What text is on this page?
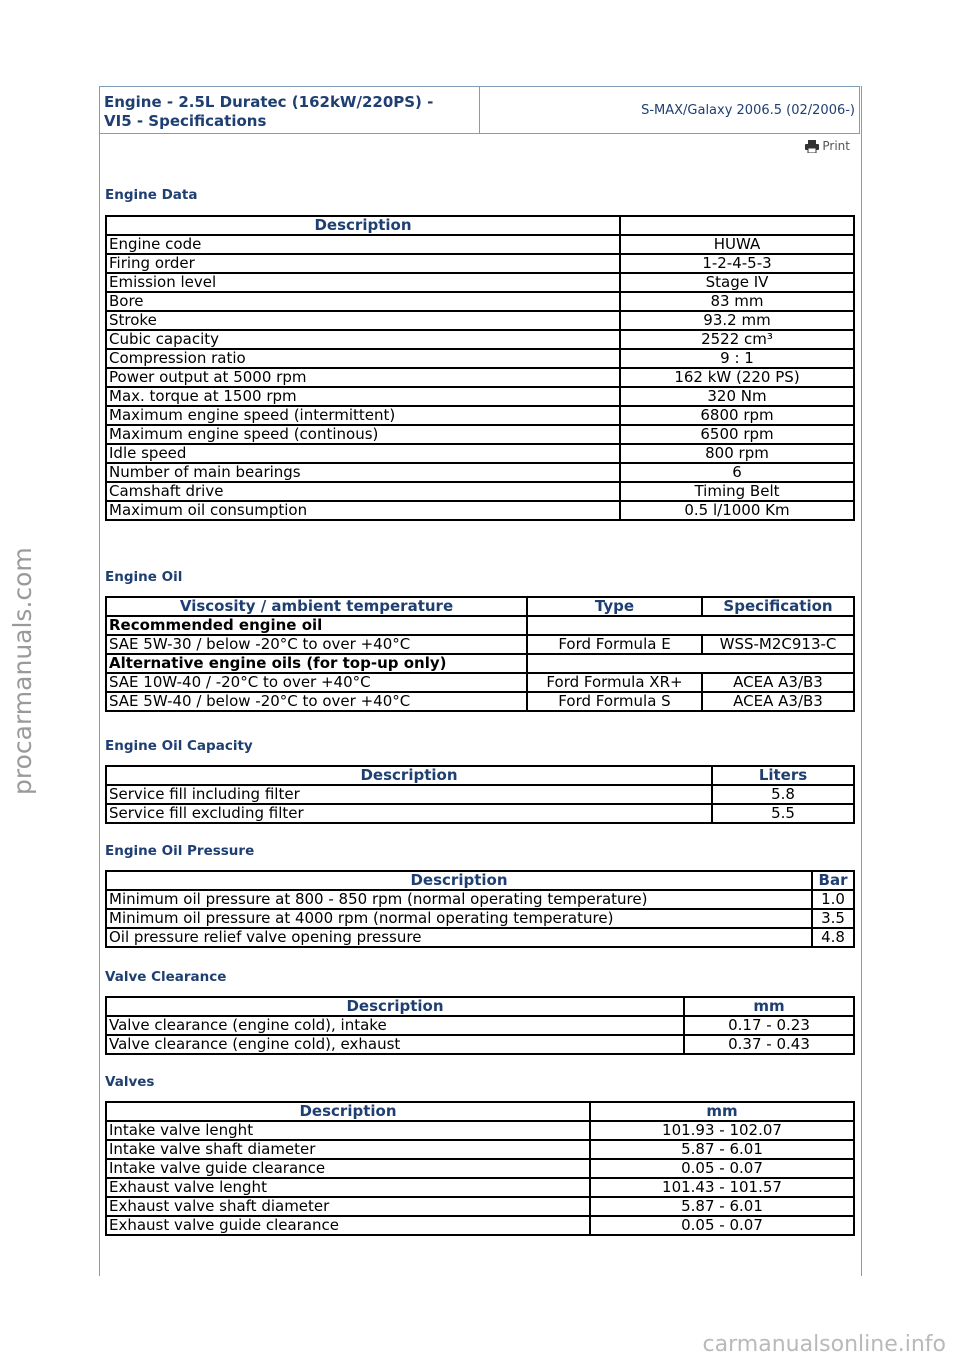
Engine - 2.5L Duratec (162kW/220PS) -
VI5 - Specifications
S-MAX/Galaxy 2006.5 (02/2006-)
Print
Engine Data
Description	
Engine code	HUWA
Firing order	1-2-4-5-3
Emission level	Stage IV
Bore	83 mm
Stroke	93.2 mm
Cubic capacity	2522 cm³
Compression ratio	9 : 1
Power output at 5000 rpm	162 kW (220 PS)
Max. torque at 1500 rpm	320 Nm
Maximum engine speed (intermittent)	6800 rpm
Maximum engine speed (continous)	6500 rpm
Idle speed	800 rpm
Number of main bearings	6
Camshaft drive	Timing Belt
Maximum oil consumption	0.5 l/1000 Km
Engine Oil
Viscosity / ambient temperature	Type	Specification
Recommended engine oil		
SAE 5W-30 / below -20°C to over +40°C	Ford Formula E	WSS-M2C913-C
Alternative engine oils (for top-up only)		
SAE 10W-40 / -20°C to over +40°C	Ford Formula XR+	ACEA A3/B3
SAE 5W-40 / below -20°C to over +40°C	Ford Formula S	ACEA A3/B3
Engine Oil Capacity
Description	Liters
Service fill including filter	5.8
Service fill excluding filter	5.5
Engine Oil Pressure
Description	Bar
Minimum oil pressure at 800 - 850 rpm (normal operating temperature)	1.0
Minimum oil pressure at 4000 rpm (normal operating temperature)	3.5
Oil pressure relief valve opening pressure	4.8
Valve Clearance
Description	mm
Valve clearance (engine cold), intake	0.17 - 0.23
Valve clearance (engine cold), exhaust	0.37 - 0.43
Valves
Description	mm
Intake valve lenght	101.93 - 102.07
Intake valve shaft diameter	5.87 - 6.01
Intake valve guide clearance	0.05 - 0.07
Exhaust valve lenght	101.43 - 101.57
Exhaust valve shaft diameter	5.87 - 6.01
Exhaust valve guide clearance	0.05 - 0.07
procarmanuals.com
carmanualsonline.info
